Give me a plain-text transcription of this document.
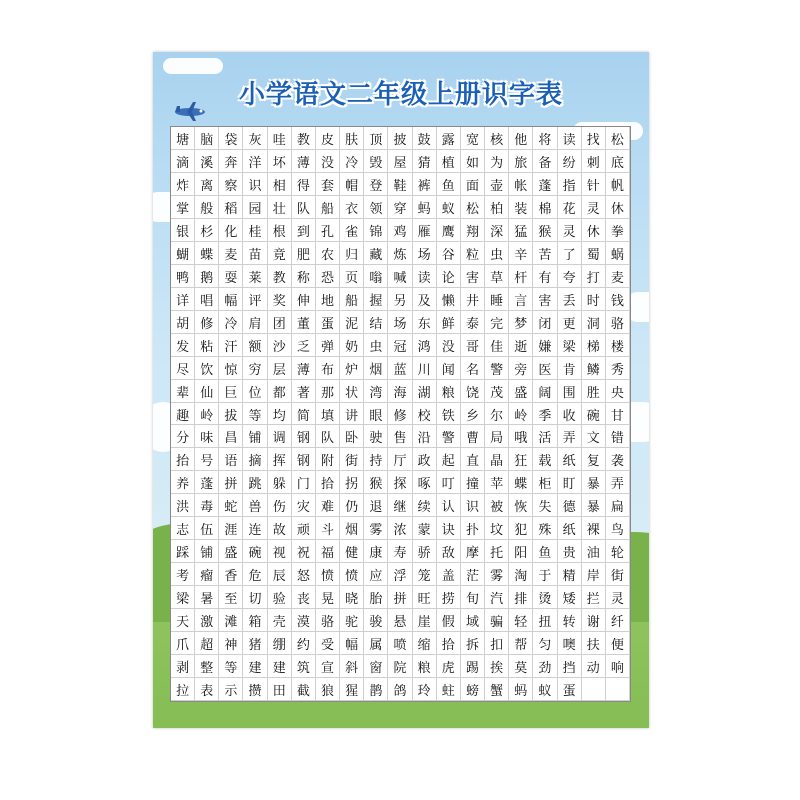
小学语文二年级上册识字表
塘 脑 袋 灰 哇 教 皮 肤 顶 披 鼓 露 宽 核 他 将 读 找 松
滴 溪 奔 洋 坏 薄 没 冷 毁 屋 猜 植 如 为 旅 备 纷 刺 底
炸 离 察 识 相 得 套 帽 登 鞋 裤 鱼 面 壶 帐 蓬 指 针 帆
掌 般 稻 园 壮 队 船 衣 领 穿 蚂 蚁 松 柏 装 棉 花 灵 休
银 杉 化 桂 根 到 孔 雀 锦 鸡 雁 鹰 翔 深 猛 猴 灵 休 拳
蝴 蝶 麦 苗 竟 肥 农 归 藏 炼 场 谷 粒 虫 辛 苦 了 蜀 蜗
鸭 鹅 耍 莱 教 称 恐 页 嗡 喊 读 论 害 草 杆 有 夸 打 麦
详 唱 幅 评 奖 伸 地 船 握 另 及 懒 井 睡 言 害 丢 时 钱
胡 修 冷 肩 团 董 蛋 泥 结 场 东 鲜 泰 完 梦 闭 更 洞 骆
发 粘 汗 额 沙 乏 弹 奶 虫 冠 鸿 没 哥 佳 逝 嫌 梁 梯 楼
尽 饮 惊 穷 层 薄 布 炉 烟 蓝 川 闻 名 警 旁 医 肯 鳞 秀
辈 仙 巨 位 都 著 那 状 湾 海 湖 粮 饶 茂 盛 阔 围 胜 央
趣 岭 拔 等 均 简 填 讲 眼 修 校 铁 乡 尔 岭 季 收 碗 甘
分 味 昌 铺 调 钢 队 卧 驶 售 沿 警 曹 局 哦 活 弄 文 错
抬 号 语 摘 挥 钢 附 街 持 厅 政 起 直 晶 狂 载 纸 复 袭
养 蓬 拼 跳 躲 门 拾 拐 猴 探 啄 叮 撞 苹 蝶 柜 盯 暴 弄
洪 毒 蛇 兽 伤 灾 难 仍 退 继 续 认 识 被 恢 失 德 暴 扁
志 伍 涯 连 故 顽 斗 烟 雾 浓 蒙 诀 扑 坟 犯 殊 纸 裸 鸟
踩 铺 盛 碗 视 祝 福 健 康 寿 骄 敌 摩 托 阳 鱼 贵 油 轮
考 瘤 香 危 辰 怒 愤 愤 应 浮 笼 盖 茫 雾 淘 于 精 岸 街
梁 暑 至 切 验 丧 晃 晓 胎 拼 旺 捞 旬 汽 排 烫 矮 拦 灵
天 激 滩 箱 壳 漠 骆 驼 骏 悬 崖 假 域 骗 轻 扭 转 谢 纤
爪 超 神 猪 绷 约 受 幅 属 喷 缩 拾 拆 扣 帮 匀 噢 扶 便
剥 整 等 建 建 筑 宣 斜 窗 院 粮 虎 踢 挨 莫 劲 挡 动 响
拉 表 示 攒 田 截 狼 猩 鹊 鸽 玲 蛀 螃 蟹 蚂 蚁 蛋
